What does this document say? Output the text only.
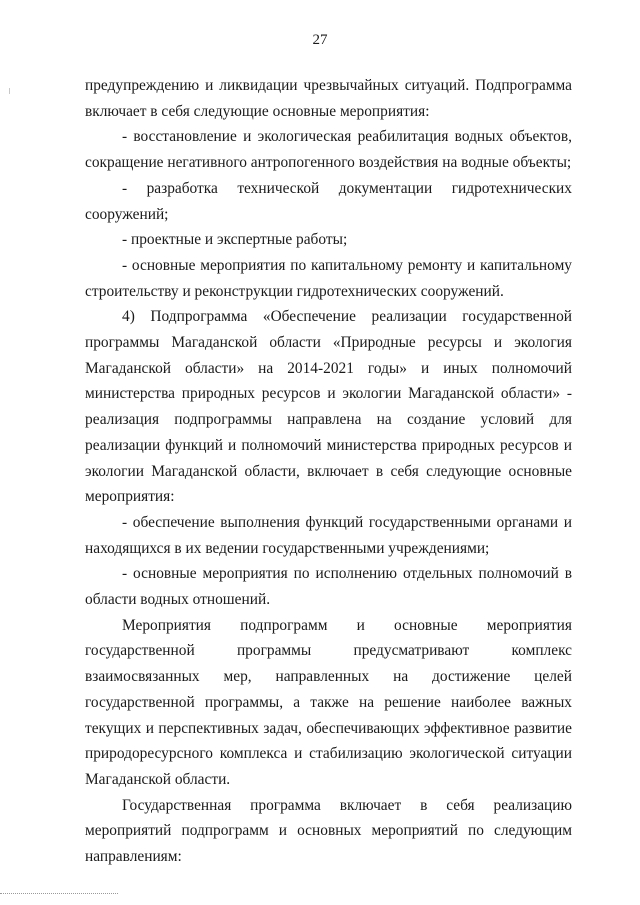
27

предупреждению и ликвидации чрезвычайных ситуаций. Подпрограмма включает в себя следующие основные мероприятия:

- восстановление и экологическая реабилитация водных объектов, сокращение негативного антропогенного воздействия на водные объекты;

- разработка технической документации гидротехнических

сооружений;

- проектные и экспертные работы;

- основные мероприятия по капитальному ремонту и капитальному строительству и реконструкции гидротехнических сооружений.

4) Подпрограмма «Обеспечение реализации государственной программы Магаданской области «Природные ресурсы и экология Магаданской области» на 2014-2021 годы» и иных полномочий министерства природных ресурсов и экологии Магаданской области» - реализация подпрограммы направлена на создание условий для реализации функций и полномочий министерства природных ресурсов и экологии Магаданской области, включает в себя следующие основные мероприятия:

- обеспечение выполнения функций государственными органами и находящихся в их ведении государственными учреждениями;

- основные мероприятия по исполнению отдельных полномочий в области водных отношений.

Мероприятия подпрограмм и основные мероприятия государственной программы предусматривают комплекс взаимосвязанных мер, направленных на достижение целей государственной программы, а также на решение наиболее важных текущих и перспективных задач, обеспечивающих эффективное развитие природоресурсного комплекса и стабилизацию экологической ситуации Магаданской области.

Государственная программа включает в себя реализацию мероприятий подпрограмм и основных мероприятий по следующим направлениям:
